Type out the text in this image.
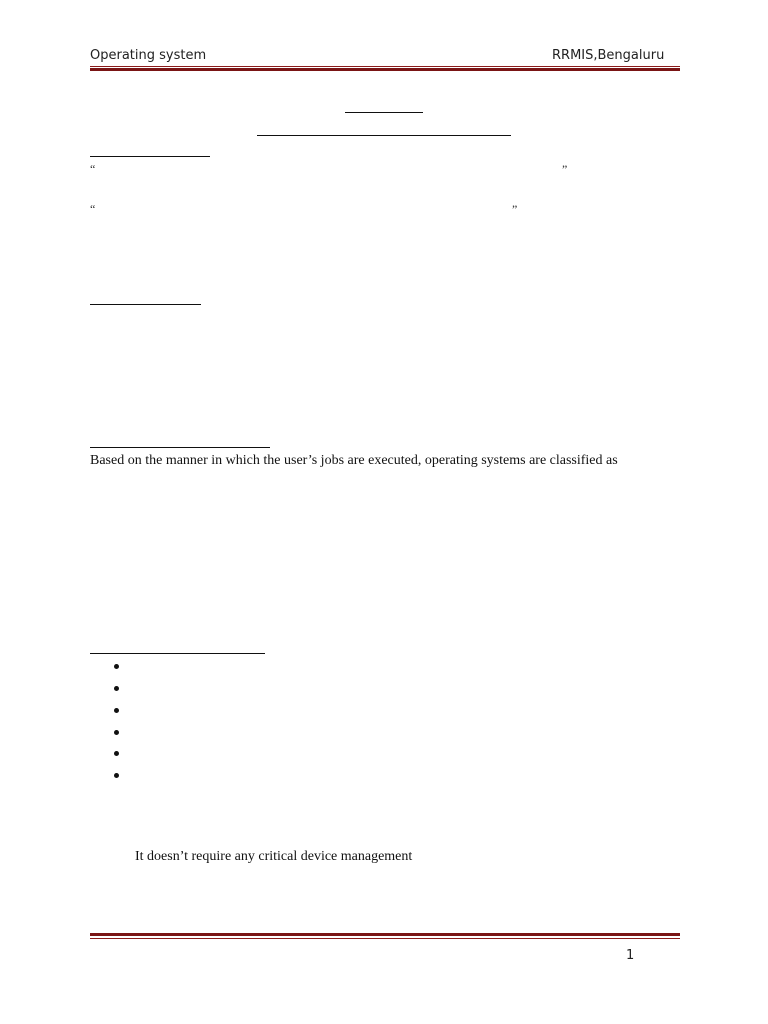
Operating system	RRMIS,Bengaluru
“	”
“	”
Based on the manner in which the user’s jobs are executed, operating systems are classified as
It doesn’t require any critical device management
1
